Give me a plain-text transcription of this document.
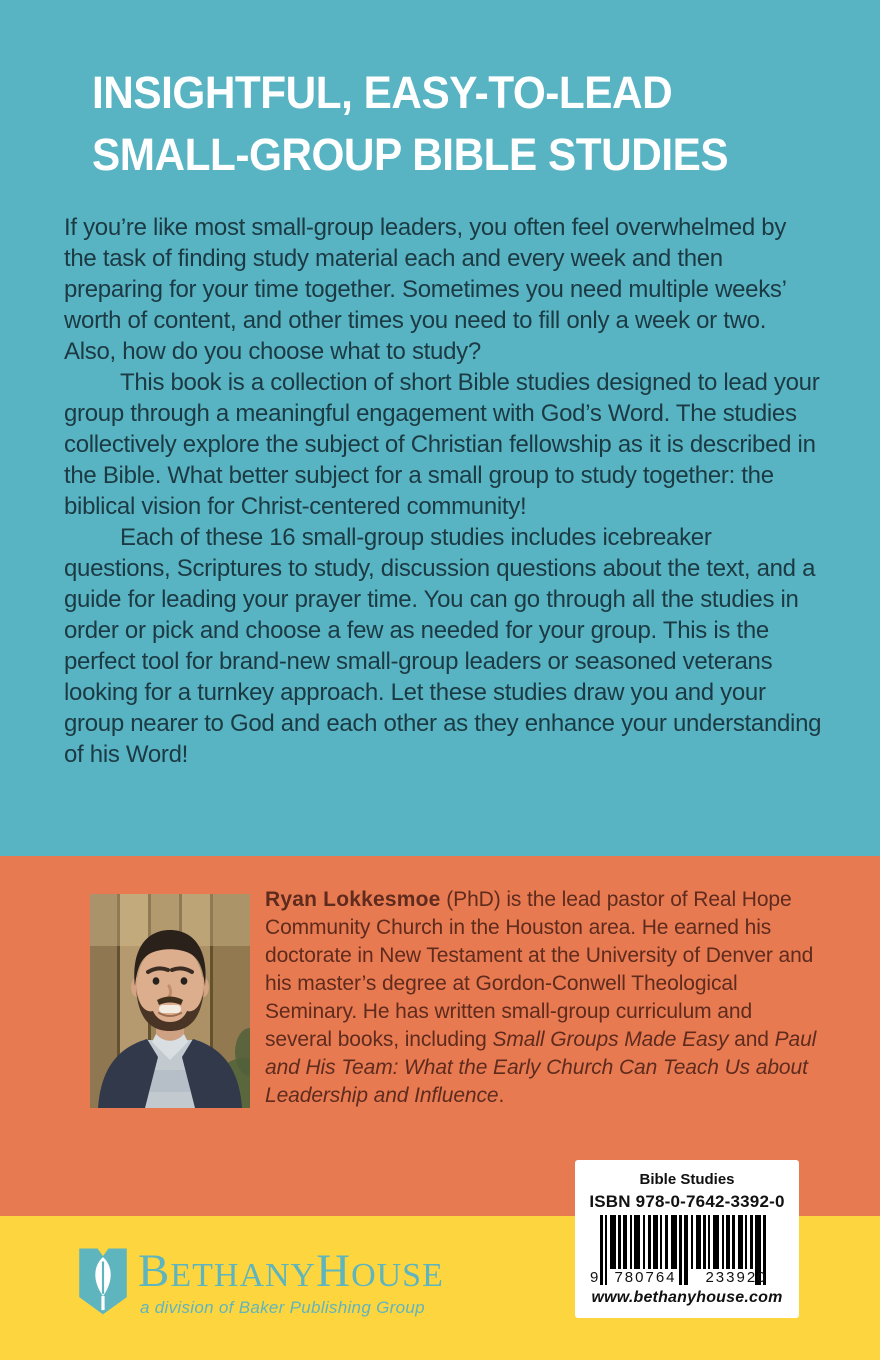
INSIGHTFUL, EASY-TO-LEAD
SMALL-GROUP BIBLE STUDIES

If you’re like most small-group leaders, you often feel overwhelmed by the task of finding study material each and every week and then preparing for your time together. Sometimes you need multiple weeks’ worth of content, and other times you need to fill only a week or two. Also, how do you choose what to study?

This book is a collection of short Bible studies designed to lead your group through a meaningful engagement with God’s Word. The studies collectively explore the subject of Christian fellowship as it is described in the Bible. What better subject for a small group to study together: the biblical vision for Christ-centered community!

Each of these 16 small-group studies includes icebreaker questions, Scriptures to study, discussion questions about the text, and a guide for leading your prayer time. You can go through all the studies in order or pick and choose a few as needed for your group. This is the perfect tool for brand-new small-group leaders or seasoned veterans looking for a turnkey approach. Let these studies draw you and your group nearer to God and each other as they enhance your understanding of his Word!

Ryan Lokkesmoe (PhD) is the lead pastor of Real Hope Community Church in the Houston area. He earned his doctorate in New Testament at the University of Denver and his master’s degree at Gordon-Conwell Theological Seminary. He has written small-group curriculum and several books, including Small Groups Made Easy and Paul and His Team: What the Early Church Can Teach Us about Leadership and Influence.

BETHANYHOUSE
a division of Baker Publishing Group
Bible Studies
ISBN 978-0-7642-3392-0
9	780764	233920
www.bethanyhouse.com
